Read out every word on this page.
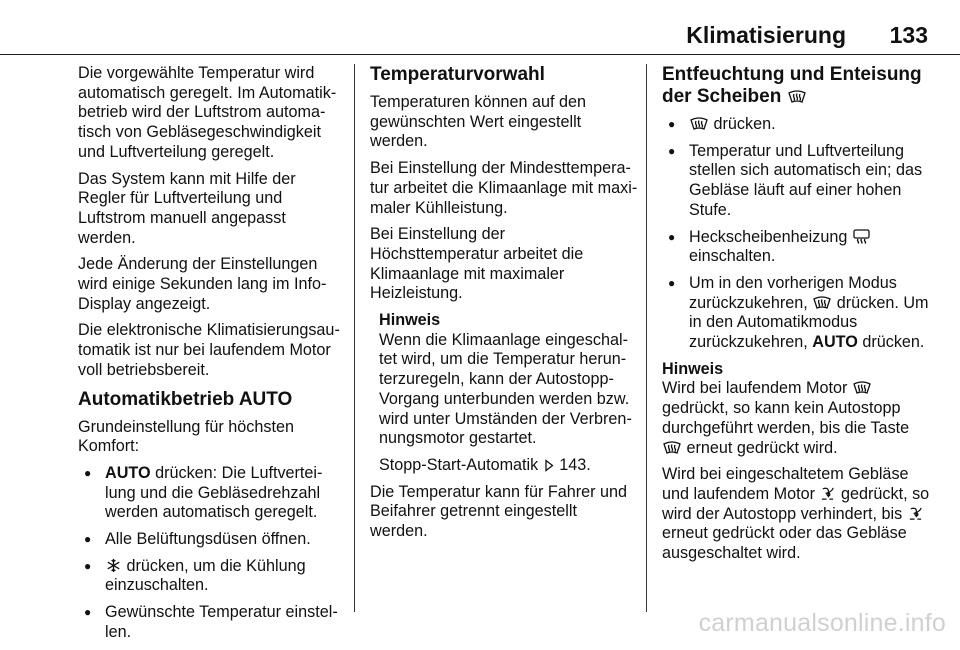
Klimatisierung	133

Die vorgewählte Temperatur wird automatisch geregelt. Im Automatikbetrieb wird der Luftstrom automatisch von Gebläsegeschwindigkeit und Luftverteilung geregelt.

Das System kann mit Hilfe der Regler für Luftverteilung und Luftstrom manuell angepasst werden.

Jede Änderung der Einstellungen wird einige Sekunden lang im Info-Display angezeigt.

Die elektronische Klimatisierungsautomatik ist nur bei laufendem Motor voll betriebsbereit.

Automatikbetrieb AUTO

Grundeinstellung für höchsten Komfort:

● AUTO drücken: Die Luftverteilung und die Gebläsedrehzahl werden automatisch geregelt.
● Alle Belüftungsdüsen öffnen.
● drücken, um die Kühlung einzuschalten.
● Gewünschte Temperatur einstellen.
Temperaturvorwahl

Temperaturen können auf den gewünschten Wert eingestellt werden.

Bei Einstellung der Mindesttemperatur arbeitet die Klimaanlage mit maximaler Kühlleistung.

Bei Einstellung der Höchsttemperatur arbeitet die Klimaanlage mit maximaler Heizleistung.

Hinweis

Wenn die Klimaanlage eingeschaltet wird, um die Temperatur herunterzuregeln, kann der Autostopp-Vorgang unterbunden werden bzw. wird unter Umständen der Verbrennungsmotor gestartet.

Stopp-Start-Automatik
143.

Die Temperatur kann für Fahrer und Beifahrer getrennt eingestellt werden.

Entfeuchtung und Enteisung der Scheiben
● drücken.
● Temperatur und Luftverteilung stellen sich automatisch ein; das Gebläse läuft auf einer hohen Stufe.
● Heckscheibenheizung

einschalten.
● Um in den vorherigen Modus zurückzukehren,
drücken. Um in den Automatikmodus zurückzukehren, AUTO drücken.
Hinweis

Wird bei laufendem Motor
gedrückt, so kann kein Autostopp durchgeführt werden, bis die Taste
erneut gedrückt wird.

Wird bei eingeschaltetem Gebläse und laufendem Motor
gedrückt, so wird der Autostopp verhindert, bis
erneut gedrückt oder das Gebläse ausgeschaltet wird.

carmanualsonline.info
